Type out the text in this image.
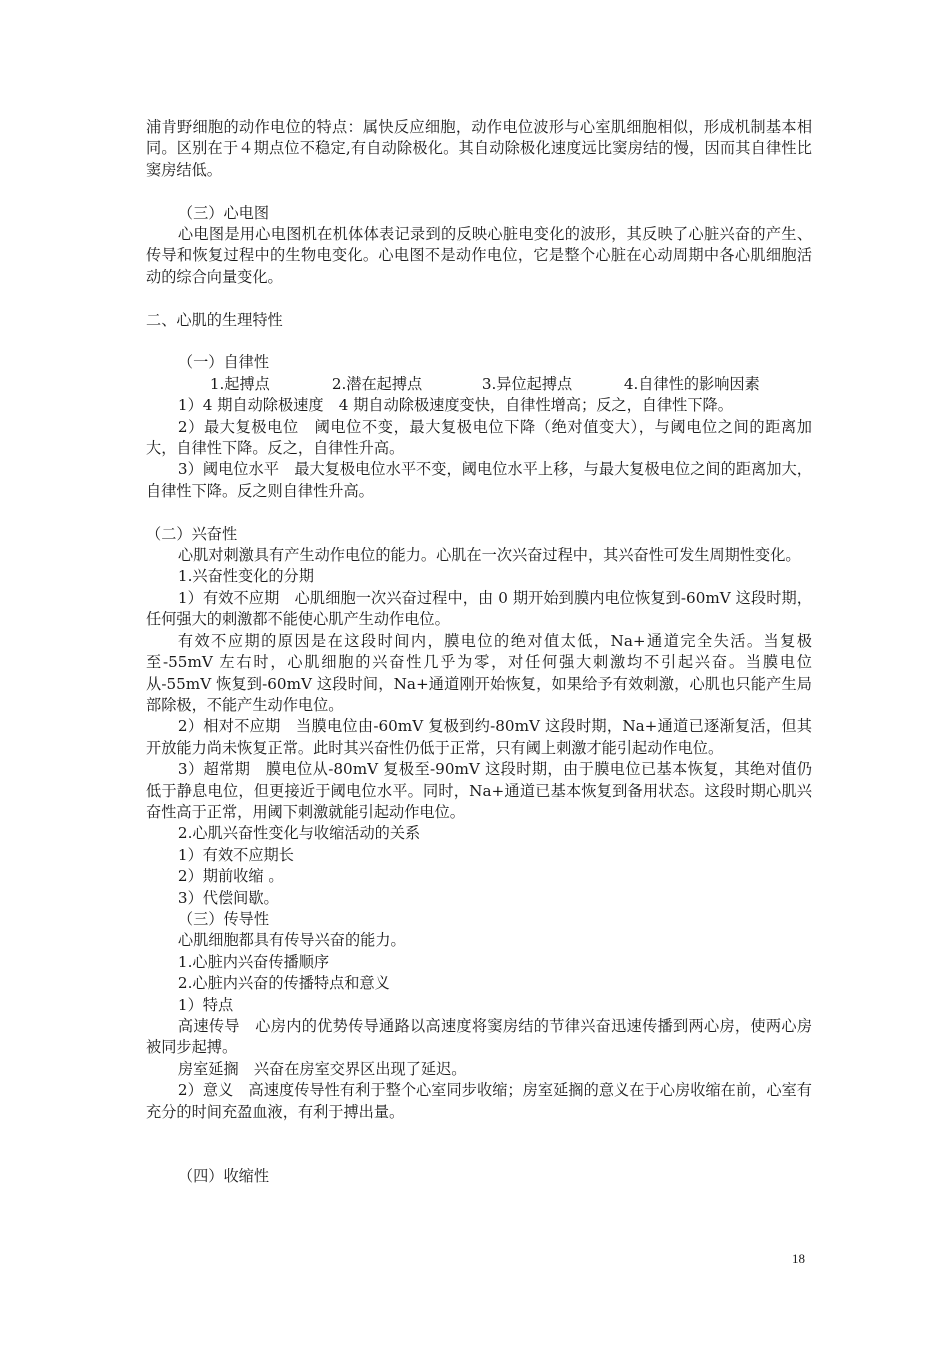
浦肯野细胞的动作电位的特点：属快反应细胞，动作电位波形与心室肌细胞相似，形成机制基本相同。区别在于４期点位不稳定,有自动除极化。其自动除极化速度远比窦房结的慢，因而其自律性比窦房结低。

（三）心电图

心电图是用心电图机在机体体表记录到的反映心脏电变化的波形，其反映了心脏兴奋的产生、传导和恢复过程中的生物电变化。心电图不是动作电位，它是整个心脏在心动周期中各心肌细胞活动的综合向量变化。

二、心肌的生理特性

（一）自律性

1.起搏点	2.潜在起搏点	3.异位起搏点	4.自律性的影响因素

1）4 期自动除极速度　4 期自动除极速度变快，自律性增高；反之，自律性下降。

2）最大复极电位　阈电位不变，最大复极电位下降（绝对值变大），与阈电位之间的距离加大，自律性下降。反之，自律性升高。

3）阈电位水平　最大复极电位水平不变，阈电位水平上移，与最大复极电位之间的距离加大，自律性下降。反之则自律性升高。

（二）兴奋性

心肌对刺激具有产生动作电位的能力。心肌在一次兴奋过程中，其兴奋性可发生周期性变化。

1.兴奋性变化的分期

1）有效不应期　心肌细胞一次兴奋过程中，由 0 期开始到膜内电位恢复到-60mV 这段时期，任何强大的刺激都不能使心肌产生动作电位。

有效不应期的原因是在这段时间内，膜电位的绝对值太低，Na+通道完全失活。当复极至-55mV 左右时，心肌细胞的兴奋性几乎为零，对任何强大刺激均不引起兴奋。当膜电位从-55mV 恢复到-60mV 这段时间，Na+通道刚开始恢复，如果给予有效刺激，心肌也只能产生局部除极，不能产生动作电位。

2）相对不应期　当膜电位由-60mV 复极到约-80mV 这段时期，Na+通道已逐渐复活，但其开放能力尚未恢复正常。此时其兴奋性仍低于正常，只有阈上刺激才能引起动作电位。

3）超常期　膜电位从-80mV 复极至-90mV 这段时期，由于膜电位已基本恢复，其绝对值仍低于静息电位，但更接近于阈电位水平。同时，Na+通道已基本恢复到备用状态。这段时期心肌兴奋性高于正常，用阈下刺激就能引起动作电位。

2.心肌兴奋性变化与收缩活动的关系

1）有效不应期长

2）期前收缩 。

3）代偿间歇。

（三）传导性

心肌细胞都具有传导兴奋的能力。

1.心脏内兴奋传播顺序

2.心脏内兴奋的传播特点和意义

1）特点

高速传导　心房内的优势传导通路以高速度将窦房结的节律兴奋迅速传播到两心房，使两心房被同步起搏。

房室延搁　兴奋在房室交界区出现了延迟。

2）意义　高速度传导性有利于整个心室同步收缩；房室延搁的意义在于心房收缩在前，心室有充分的时间充盈血液，有利于搏出量。

（四）收缩性

18
